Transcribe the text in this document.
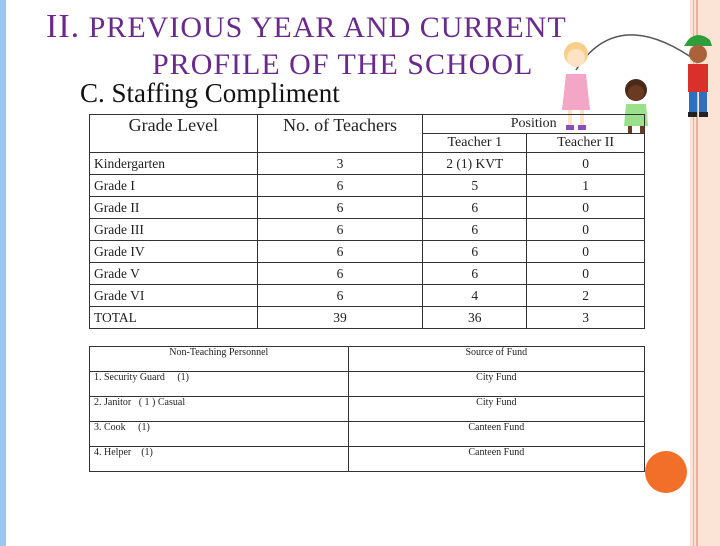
II. PREVIOUS YEAR AND CURRENT
PROFILE OF THE SCHOOL
C. Staffing Compliment
Grade Level	No. of Teachers	Position	
		Teacher 1	Teacher II
Kindergarten	3	2 (1) KVT	0
Grade I	6	5	1
Grade II	6	6	0
Grade III	6	6	0
Grade IV	6	6	0
Grade V	6	6	0
Grade VI	6	4	2
TOTAL	39	36	3
Non-Teaching Personnel	Source of Fund
1. Security Guard     (1)	City Fund
2. Janitor   ( 1 ) Casual	City Fund
3. Cook     (1)	Canteen Fund
4. Helper    (1)	Canteen Fund
